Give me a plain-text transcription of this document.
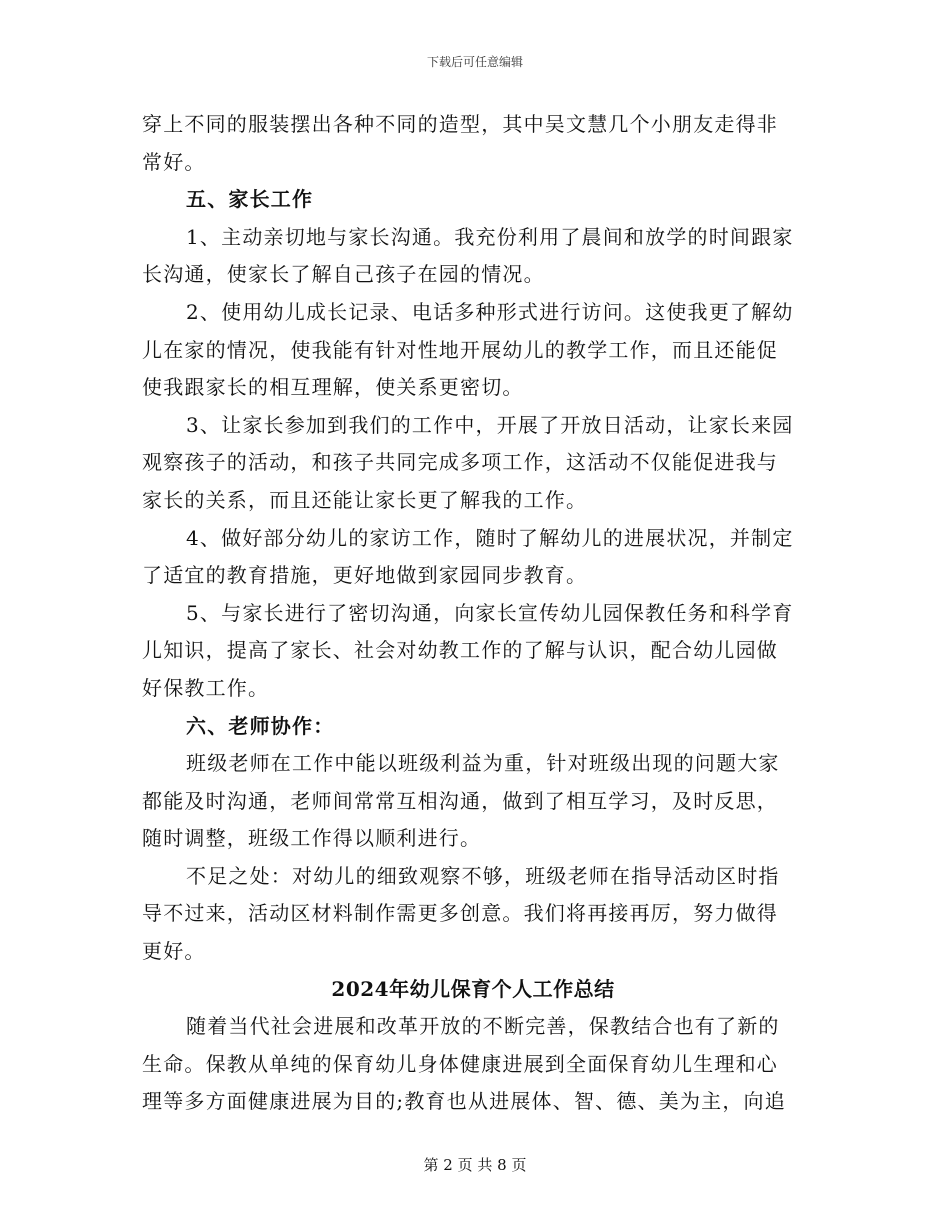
下载后可任意编辑

穿上不同的服装摆出各种不同的造型，其中吴文慧几个小朋友走得非

常好。

五、家长工作

1、主动亲切地与家长沟通。我充份利用了晨间和放学的时间跟家

长沟通，使家长了解自己孩子在园的情况。

2、使用幼儿成长记录、电话多种形式进行访问。这使我更了解幼

儿在家的情况，使我能有针对性地开展幼儿的教学工作，而且还能促

使我跟家长的相互理解，使关系更密切。

3、让家长参加到我们的工作中，开展了开放日活动，让家长来园

观察孩子的活动，和孩子共同完成多项工作，这活动不仅能促进我与

家长的关系，而且还能让家长更了解我的工作。

4、做好部分幼儿的家访工作，随时了解幼儿的进展状况，并制定

了适宜的教育措施，更好地做到家园同步教育。

5、与家长进行了密切沟通，向家长宣传幼儿园保教任务和科学育

儿知识，提高了家长、社会对幼教工作的了解与认识，配合幼儿园做

好保教工作。

六、老师协作：

班级老师在工作中能以班级利益为重，针对班级出现的问题大家

都能及时沟通，老师间常常互相沟通，做到了相互学习，及时反思，

随时调整，班级工作得以顺利进行。

不足之处：对幼儿的细致观察不够，班级老师在指导活动区时指

导不过来，活动区材料制作需更多创意。我们将再接再厉，努力做得

更好。

2024年幼儿保育个人工作总结

随着当代社会进展和改革开放的不断完善，保教结合也有了新的

生命。保教从单纯的保育幼儿身体健康进展到全面保育幼儿生理和心

理等多方面健康进展为目的;教育也从进展体、智、德、美为主，向追

第 2 页 共 8 页
